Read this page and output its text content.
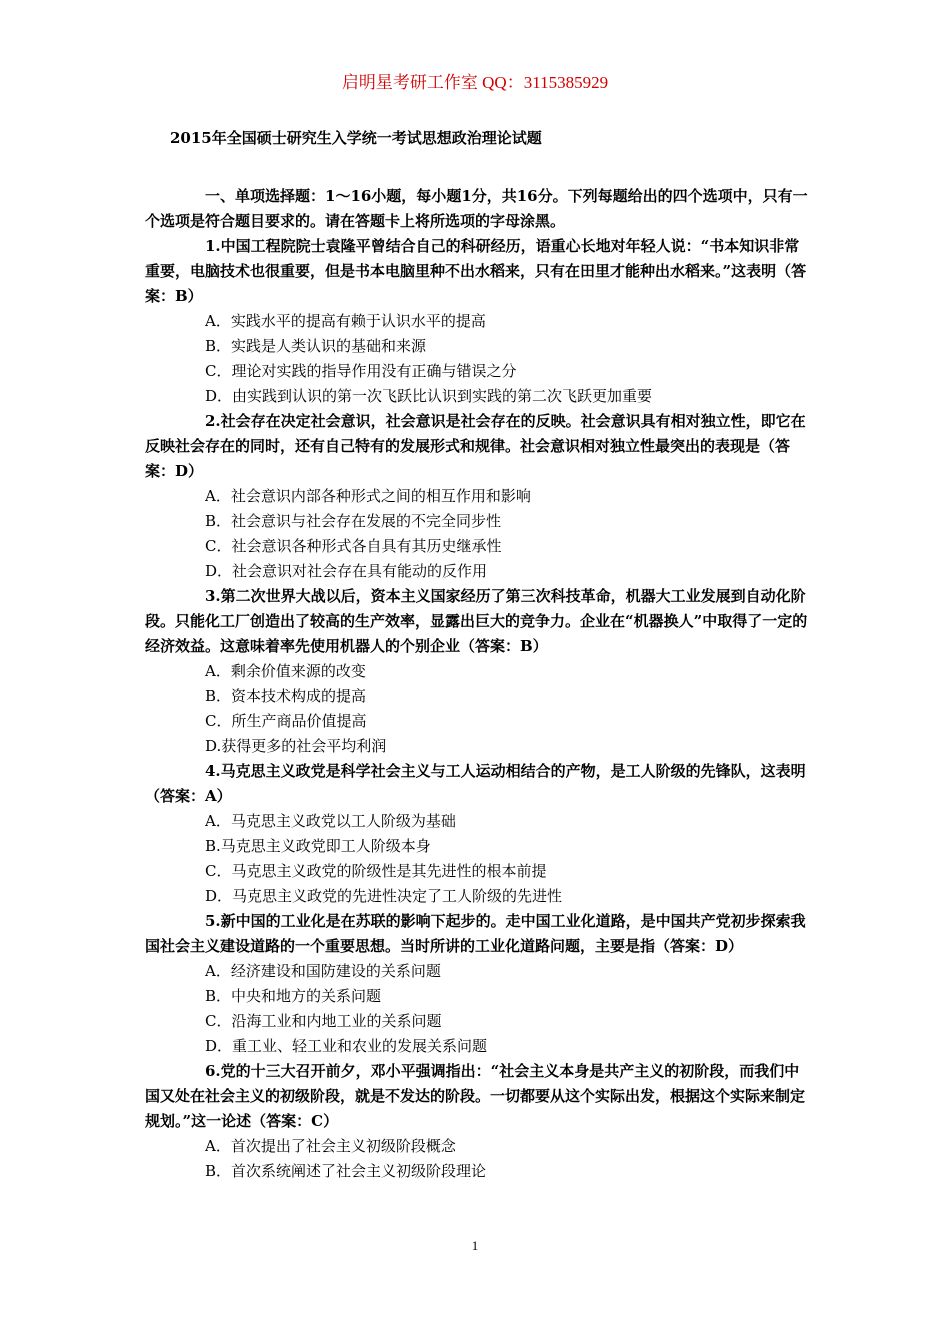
启明星考研工作室 QQ：3115385929
2015年全国硕士研究生入学统一考试思想政治理论试题

一、单项选择题：1～16小题，每小题1分，共16分。下列每题给出的四个选项中，只有一个选项是符合题目要求的。请在答题卡上将所选项的字母涂黑。

1.中国工程院院士袁隆平曾结合自己的科研经历，语重心长地对年轻人说：“书本知识非常重要，电脑技术也很重要，但是书本电脑里种不出水稻来，只有在田里才能种出水稻来。”这表明（答案：B）

A．实践水平的提高有赖于认识水平的提高

B．实践是人类认识的基础和来源

C．理论对实践的指导作用没有正确与错误之分

D．由实践到认识的第一次飞跃比认识到实践的第二次飞跃更加重要

2.社会存在决定社会意识，社会意识是社会存在的反映。社会意识具有相对独立性，即它在反映社会存在的同时，还有自己特有的发展形式和规律。社会意识相对独立性最突出的表现是（答案：D）

A．社会意识内部各种形式之间的相互作用和影响

B．社会意识与社会存在发展的不完全同步性

C．社会意识各种形式各自具有其历史继承性

D．社会意识对社会存在具有能动的反作用

3.第二次世界大战以后，资本主义国家经历了第三次科技革命，机器大工业发展到自动化阶段。只能化工厂创造出了较高的生产效率，显露出巨大的竞争力。企业在“机器换人”中取得了一定的经济效益。这意味着率先使用机器人的个别企业（答案：B）

A．剩余价值来源的改变

B．资本技术构成的提高

C．所生产商品价值提高

D.获得更多的社会平均利润

4.马克思主义政党是科学社会主义与工人运动相结合的产物，是工人阶级的先锋队，这表明（答案：A）

A．马克思主义政党以工人阶级为基础

B.马克思主义政党即工人阶级本身

C．马克思主义政党的阶级性是其先进性的根本前提

D．马克思主义政党的先进性决定了工人阶级的先进性

5.新中国的工业化是在苏联的影响下起步的。走中国工业化道路，是中国共产党初步探索我国社会主义建设道路的一个重要思想。当时所讲的工业化道路问题，主要是指（答案：D）

A．经济建设和国防建设的关系问题

B．中央和地方的关系问题

C．沿海工业和内地工业的关系问题

D．重工业、轻工业和农业的发展关系问题

6.党的十三大召开前夕，邓小平强调指出：“社会主义本身是共产主义的初阶段，而我们中国又处在社会主义的初级阶段，就是不发达的阶段。一切都要从这个实际出发，根据这个实际来制定规划。”这一论述（答案：C）

A．首次提出了社会主义初级阶段概念

B．首次系统阐述了社会主义初级阶段理论

1
